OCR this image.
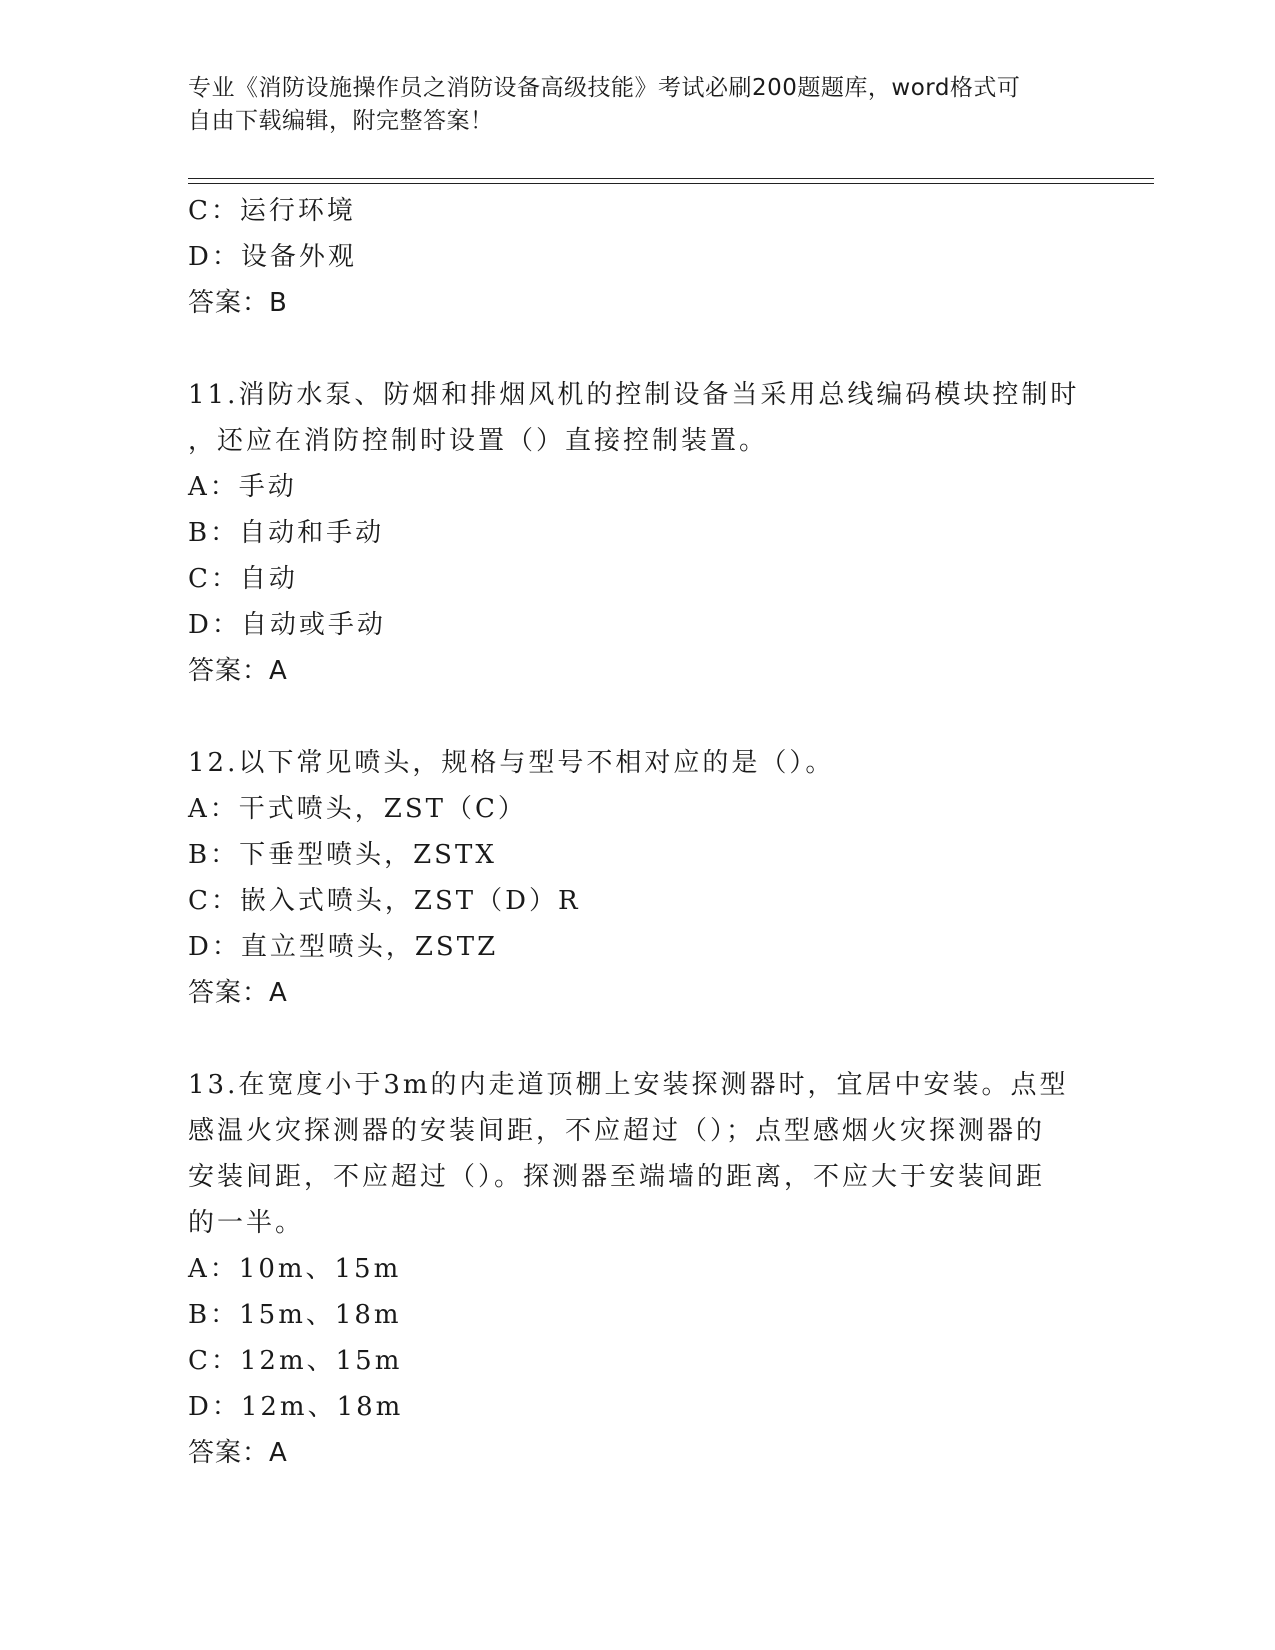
专业《消防设施操作员之消防设备高级技能》考试必刷200题题库，word格式可
自由下载编辑，附完整答案！
C：运行环境
D：设备外观
答案：B
11.消防水泵、防烟和排烟风机的控制设备当采用总线编码模块控制时
，还应在消防控制时设置（）直接控制装置。
A：手动
B：自动和手动
C：自动
D：自动或手动
答案：A
12.以下常见喷头，规格与型号不相对应的是（）。
A：干式喷头，ZST（C）
B：下垂型喷头，ZSTX
C：嵌入式喷头，ZST（D）R
D：直立型喷头，ZSTZ
答案：A
13.在宽度小于3m的内走道顶棚上安装探测器时，宜居中安装。点型
感温火灾探测器的安装间距，不应超过（）；点型感烟火灾探测器的
安装间距，不应超过（）。探测器至端墙的距离，不应大于安装间距
的一半。
A：10m、15m
B：15m、18m
C：12m、15m
D：12m、18m
答案：A
